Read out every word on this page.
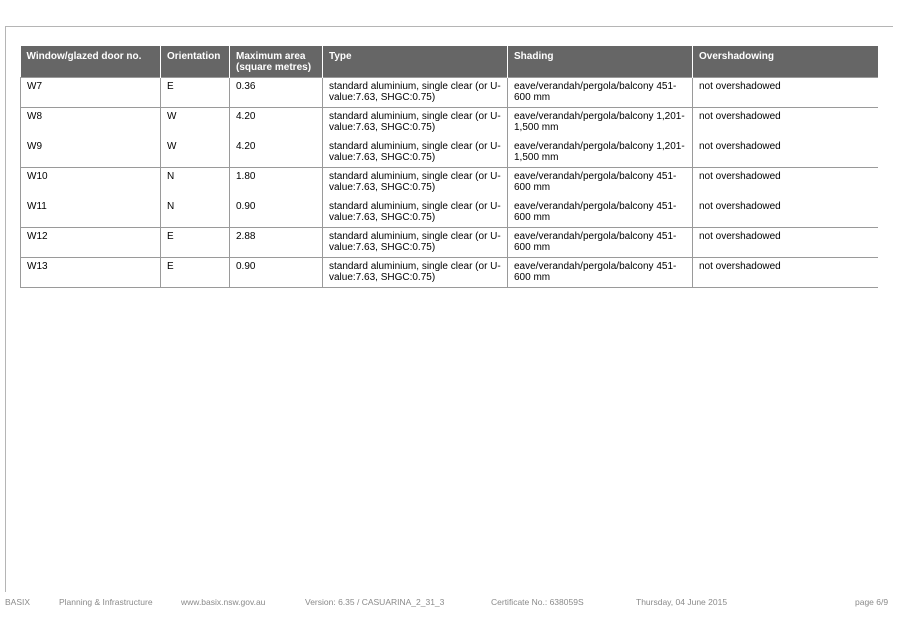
Window/glazed door no.	Orientation	Maximum area (square metres)	Type	Shading	Overshadowing
W7	E	0.36	standard aluminium, single clear (or U-value:7.63, SHGC:0.75)	eave/verandah/pergola/balcony 451-600 mm	not overshadowed
W8	W	4.20	standard aluminium, single clear (or U-value:7.63, SHGC:0.75)	eave/verandah/pergola/balcony 1,201-1,500 mm	not overshadowed
W9	W	4.20	standard aluminium, single clear (or U-value:7.63, SHGC:0.75)	eave/verandah/pergola/balcony 1,201-1,500 mm	not overshadowed
W10	N	1.80	standard aluminium, single clear (or U-value:7.63, SHGC:0.75)	eave/verandah/pergola/balcony 451-600 mm	not overshadowed
W11	N	0.90	standard aluminium, single clear (or U-value:7.63, SHGC:0.75)	eave/verandah/pergola/balcony 451-600 mm	not overshadowed
W12	E	2.88	standard aluminium, single clear (or U-value:7.63, SHGC:0.75)	eave/verandah/pergola/balcony 451-600 mm	not overshadowed
W13	E	0.90	standard aluminium, single clear (or U-value:7.63, SHGC:0.75)	eave/verandah/pergola/balcony 451-600 mm	not overshadowed
BASIX	Planning & Infrastructure	www.basix.nsw.gov.au	Version: 6.35 / CASUARINA_2_31_3	Certificate No.: 638059S	Thursday, 04 June 2015	page 6/9
